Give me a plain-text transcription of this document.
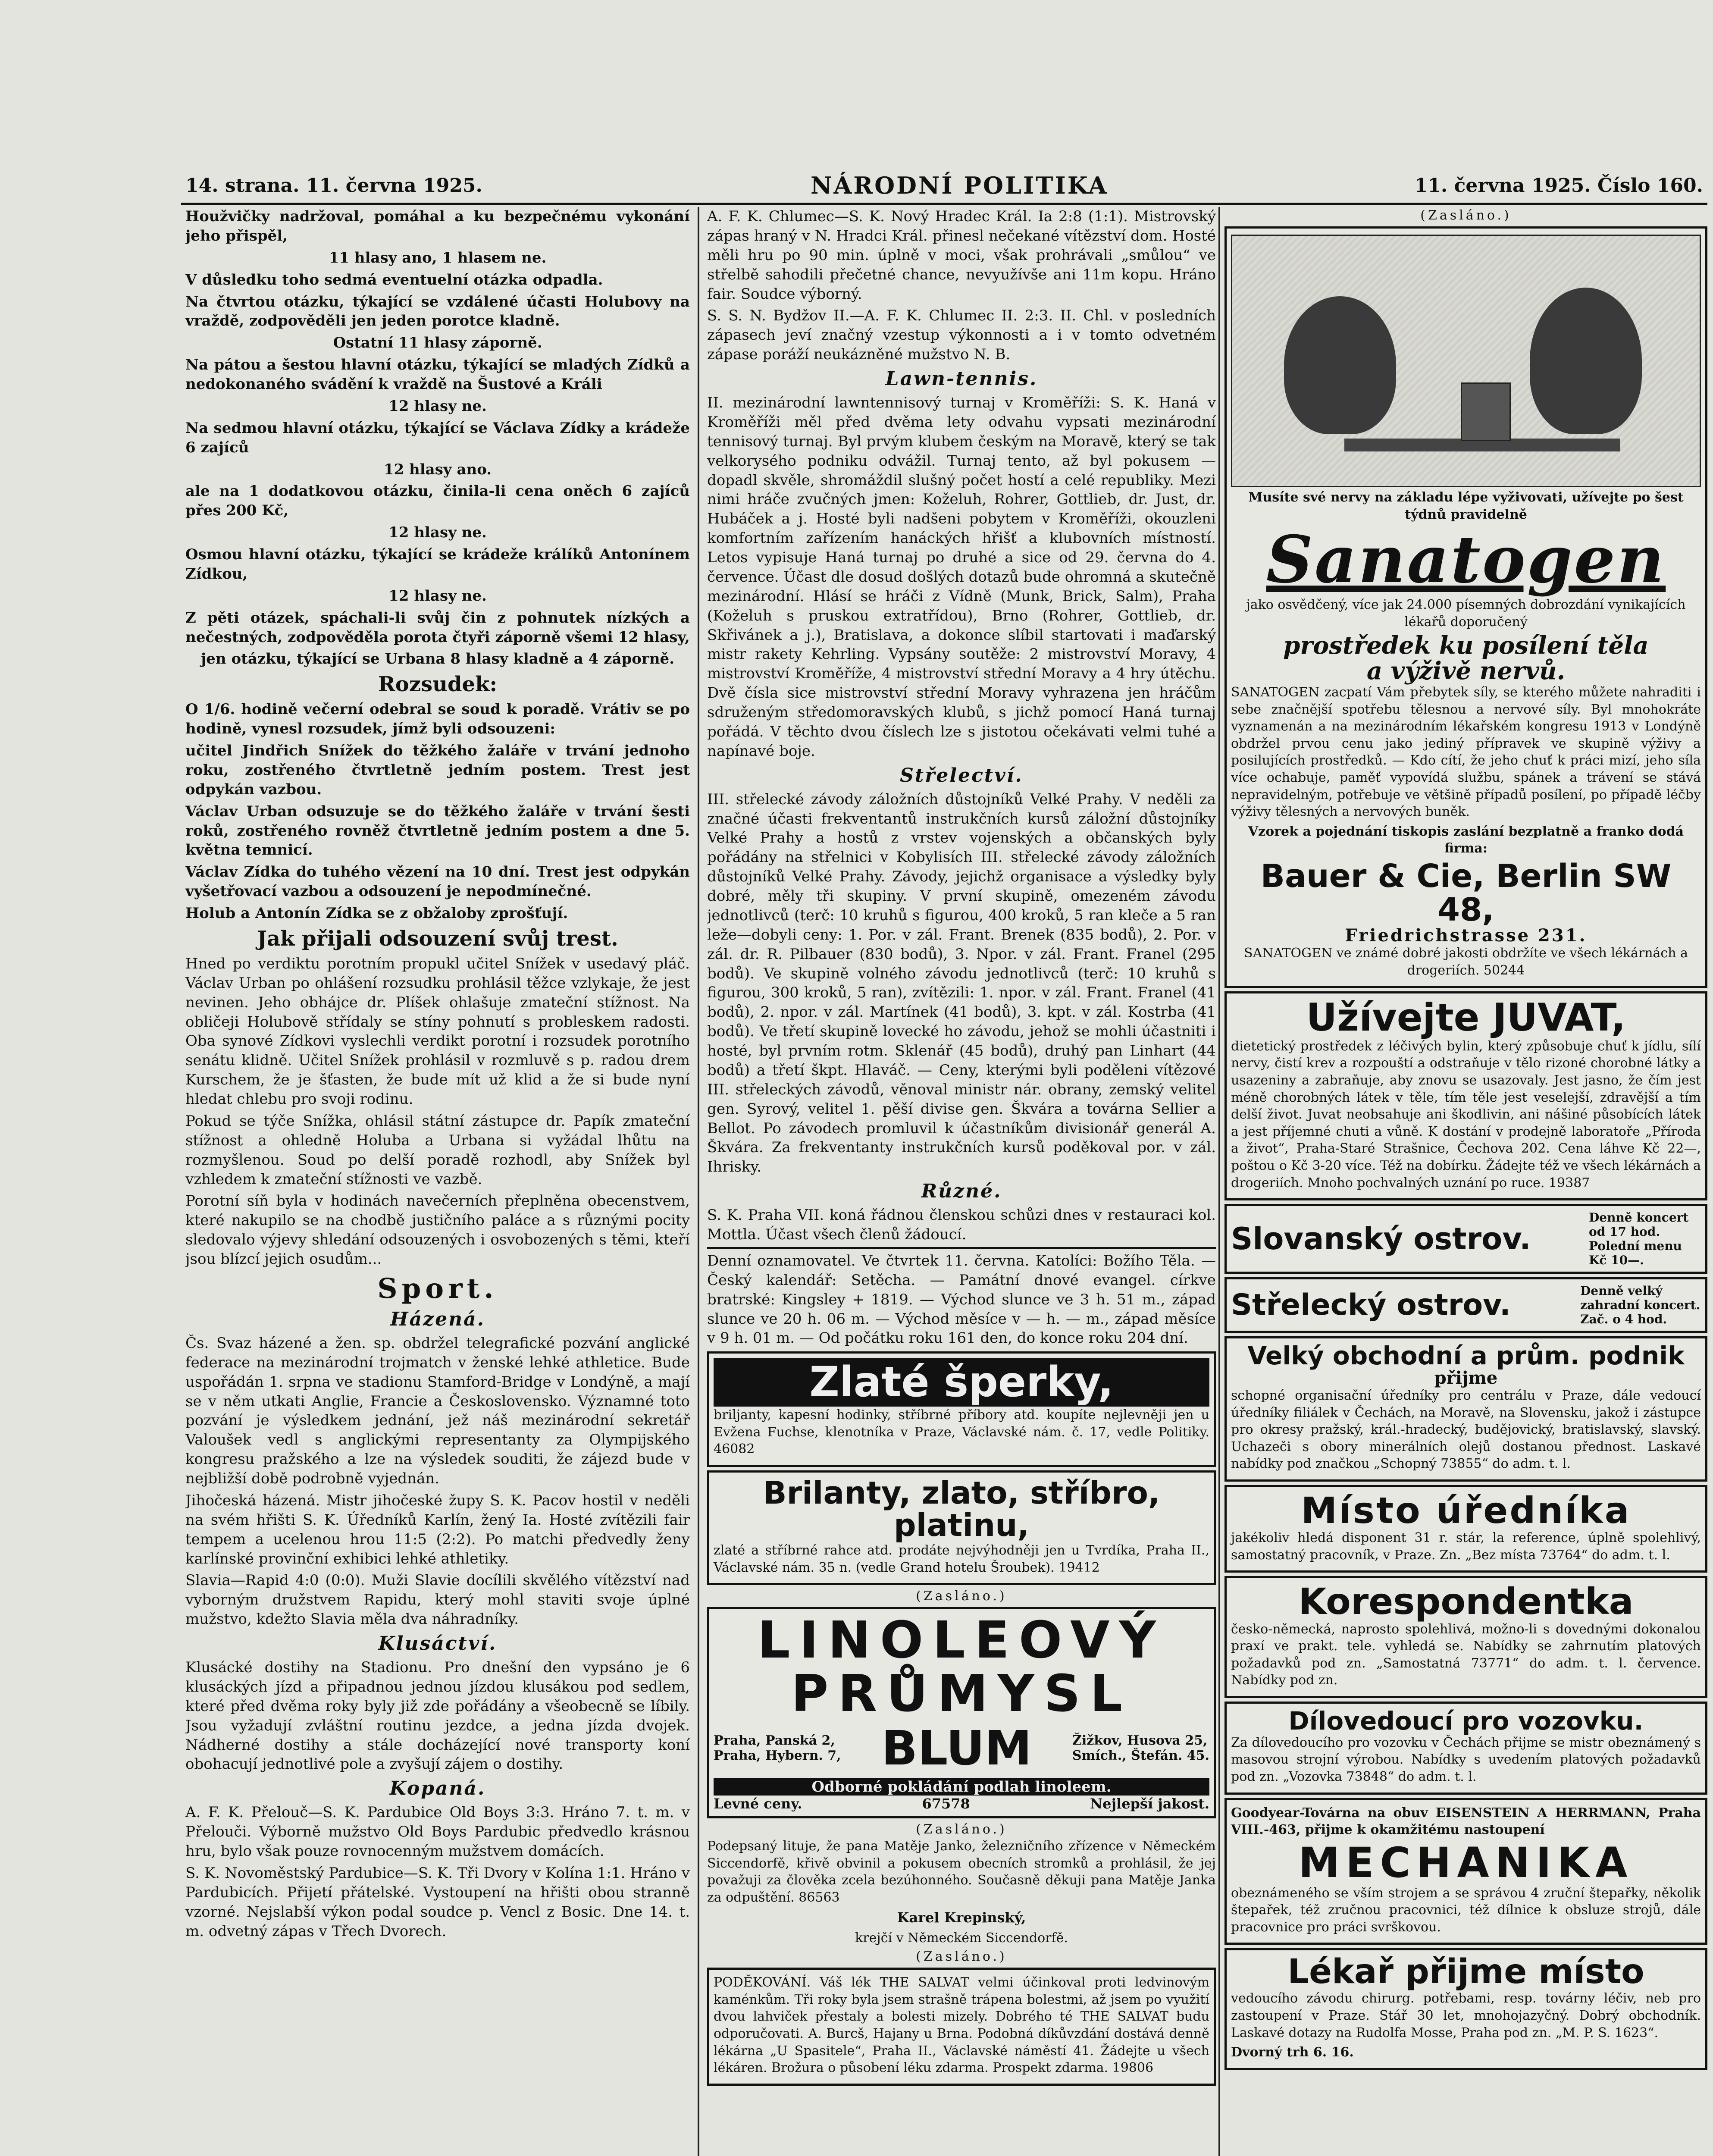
14. strana. 11. června 1925.	NÁRODNÍ POLITIKA	11. června 1925. Číslo 160.

Houžvičky nadržoval, pomáhal a ku bezpečnému vykonání jeho přispěl,

11 hlasy ano, 1 hlasem ne.

V důsledku toho sedmá eventuelní otázka odpadla.

Na čtvrtou otázku, týkající se vzdálené účasti Holubovy na vraždě, zodpověděli jen jeden porotce kladně.

Ostatní 11 hlasy záporně.

Na pátou a šestou hlavní otázku, týkající se mladých Zídků a nedokonaného svádění k vraždě na Šustové a Králi

12 hlasy ne.

Na sedmou hlavní otázku, týkající se Václava Zídky a krádeže 6 zajíců

12 hlasy ano.

ale na 1 dodatkovou otázku, činila-li cena oněch 6 zajíců přes 200 Kč,

12 hlasy ne.

Osmou hlavní otázku, týkající se krádeže králíků Antonínem Zídkou,

12 hlasy ne.

Z pěti otázek, spáchali-li svůj čin z pohnutek nízkých a nečestných, zodpověděla porota čtyři záporně všemi 12 hlasy,

jen otázku, týkající se Urbana 8 hlasy kladně a 4 záporně.

Rozsudek:

O 1/6. hodině večerní odebral se soud k poradě. Vrátiv se po hodině, vynesl rozsudek, jímž byli odsouzeni:

učitel Jindřich Snížek do těžkého žaláře v trvání jednoho roku, zostřeného čtvrtletně jedním postem. Trest jest odpykán vazbou.

Václav Urban odsuzuje se do těžkého žaláře v trvání šesti roků, zostřeného rovněž čtvrtletně jedním postem a dne 5. května temnicí.

Václav Zídka do tuhého vězení na 10 dní. Trest jest odpykán vyšetřovací vazbou a odsouzení je nepodmínečné.

Holub a Antonín Zídka se z obžaloby zprošťují.

Jak přijali odsouzení svůj trest.

Hned po verdiktu porotním propukl učitel Snížek v usedavý pláč. Václav Urban po ohlášení rozsudku prohlásil těžce vzlykaje, že jest nevinen. Jeho obhájce dr. Plíšek ohlašuje zmateční stížnost. Na obličeji Holubově střídaly se stíny pohnutí s probleskem radosti. Oba synové Zídkovi vyslechli verdikt porotní i rozsudek porotního senátu klidně. Učitel Snížek prohlásil v rozmluvě s p. radou drem Kurschem, že je šťasten, že bude mít už klid a že si bude nyní hledat chlebu pro svoji rodinu.

Pokud se týče Snížka, ohlásil státní zástupce dr. Papík zmateční stížnost a ohledně Holuba a Urbana si vyžádal lhůtu na rozmyšlenou. Soud po delší poradě rozhodl, aby Snížek byl vzhledem k zmateční stížnosti ve vazbě.

Porotní síň byla v hodinách navečerních přeplněna obecenstvem, které nakupilo se na chodbě justičního paláce a s různými pocity sledovalo výjevy shledání odsouzených i osvobozených s těmi, kteří jsou blízcí jejich osudům...

Sport.
Házená.

Čs. Svaz házené a žen. sp. obdržel telegrafické pozvání anglické federace na mezinárodní trojmatch v ženské lehké athletice. Bude uspořádán 1. srpna ve stadionu Stamford-Bridge v Londýně, a mají se v něm utkati Anglie, Francie a Československo. Významné toto pozvání je výsledkem jednání, jež náš mezinárodní sekretář Valoušek vedl s anglickými representanty za Olympijského kongresu pražského a lze na výsledek souditi, že zájezd bude v nejbližší době podrobně vyjednán.

Jihočeská házená. Mistr jihočeské župy S. K. Pacov hostil v neděli na svém hřišti S. K. Úředníků Karlín, žený Ia. Hosté zvítězili fair tempem a ucelenou hrou 11:5 (2:2). Po matchi předvedly ženy karlínské provinční exhibici lehké athletiky.

Slavia—Rapid 4:0 (0:0). Muži Slavie docílili skvělého vítězství nad vyborným družstvem Rapidu, který mohl staviti svoje úplné mužstvo, kdežto Slavia měla dva náhradníky.

Klusáctví.

Klusácké dostihy na Stadionu. Pro dnešní den vypsáno je 6 klusáckých jízd a připadnou jednou jízdou klusákou pod sedlem, které před dvěma roky byly již zde pořádány a všeobecně se líbily. Jsou vyžadují zvláštní routinu jezdce, a jedna jízda dvojek. Nádherné dostihy a stále docházející nové transporty koní obohacují jednotlivé pole a zvyšují zájem o dostihy.

Kopaná.

A. F. K. Přelouč—S. K. Pardubice Old Boys 3:3. Hráno 7. t. m. v Přelouči. Výborně mužstvo Old Boys Pardubic předvedlo krásnou hru, bylo však pouze rovnocenným mužstvem domácích.

S. K. Novoměstský Pardubice—S. K. Tři Dvory v Kolína 1:1. Hráno v Pardubicích. Přijetí přátelské. Vystoupení na hřišti obou stranně vzorné. Nejslabší výkon podal soudce p. Vencl z Bosic. Dne 14. t. m. odvetný zápas v Třech Dvorech.

A. F. K. Chlumec—S. K. Nový Hradec Král. Ia 2:8 (1:1). Mistrovský zápas hraný v N. Hradci Král. přinesl nečekané vítězství dom. Hosté měli hru po 90 min. úplně v moci, však prohrávali „smůlou“ ve střelbě sahodili přečetné chance, nevyužívše ani 11m kopu. Hráno fair. Soudce výborný.

S. S. N. Bydžov II.—A. F. K. Chlumec II. 2:3. II. Chl. v posledních zápasech jeví značný vzestup výkonnosti a i v tomto odvetném zápase poráží neukázněné mužstvo N. B.

Lawn-tennis.

II. mezinárodní lawntennisový turnaj v Kroměříži: S. K. Haná v Kroměříži měl před dvěma lety odvahu vypsati mezinárodní tennisový turnaj. Byl prvým klubem českým na Moravě, který se tak velkorysého podniku odvážil. Turnaj tento, až byl pokusem — dopadl skvěle, shromáždil slušný počet hostí a celé republiky. Mezi nimi hráče zvučných jmen: Koželuh, Rohrer, Gottlieb, dr. Just, dr. Hubáček a j. Hosté byli nadšeni pobytem v Kroměříži, okouzleni komfortním zařízením hanáckých hřišť a klubovních místností. Letos vypisuje Haná turnaj po druhé a sice od 29. června do 4. července. Účast dle dosud došlých dotazů bude ohromná a skutečně mezinárodní. Hlásí se hráči z Vídně (Munk, Brick, Salm), Praha (Koželuh s pruskou extratřídou), Brno (Rohrer, Gottlieb, dr. Skřivánek a j.), Bratislava, a dokonce slíbil startovati i maďarský mistr rakety Kehrling. Vypsány soutěže: 2 mistrovství Moravy, 4 mistrovství Kroměříže, 4 mistrovství střední Moravy a 4 hry útěchu. Dvě čísla sice mistrovství střední Moravy vyhrazena jen hráčům sdruženým středomoravských klubů, s jichž pomocí Haná turnaj pořádá. V těchto dvou číslech lze s jistotou očekávati velmi tuhé a napínavé boje.

Střelectví.

III. střelecké závody záložních důstojníků Velké Prahy. V neděli za značné účasti frekventantů instrukčních kursů záložní důstojníky Velké Prahy a hostů z vrstev vojenských a občanských byly pořádány na střelnici v Kobylisích III. střelecké závody záložních důstojníků Velké Prahy. Závody, jejichž organisace a výsledky byly dobré, měly tři skupiny. V první skupině, omezeném závodu jednotlivců (terč: 10 kruhů s figurou, 400 kroků, 5 ran kleče a 5 ran leže—dobyli ceny: 1. Por. v zál. Frant. Brenek (835 bodů), 2. Por. v zál. dr. R. Pilbauer (830 bodů), 3. Npor. v zál. Frant. Franel (295 bodů). Ve skupině volného závodu jednotlivců (terč: 10 kruhů s figurou, 300 kroků, 5 ran), zvítězili: 1. npor. v zál. Frant. Franel (41 bodů), 2. npor. v zál. Martínek (41 bodů), 3. kpt. v zál. Kostrba (41 bodů). Ve třetí skupině lovecké ho závodu, jehož se mohli účastniti i hosté, byl prvním rotm. Sklenář (45 bodů), druhý pan Linhart (44 bodů) a třetí škpt. Hlaváč. — Ceny, kterými byli poděleni vítězové III. střeleckých závodů, věnoval ministr nár. obrany, zemský velitel gen. Syrový, velitel 1. pěší divise gen. Škvára a továrna Sellier a Bellot. Po závodech promluvil k účastníkům divisionář generál A. Škvára. Za frekventanty instrukčních kursů poděkoval por. v zál. Ihrisky.

Různé.

S. K. Praha VII. koná řádnou členskou schůzi dnes v restauraci kol. Mottla. Účast všech členů žádoucí.

Denní oznamovatel. Ve čtvrtek 11. června. Katolíci: Božího Těla. — Český kalendář: Setěcha. — Památní dnové evangel. církve bratrské: Kingsley + 1819. — Východ slunce ve 3 h. 51 m., západ slunce ve 20 h. 06 m. — Východ měsíce v — h. — m., západ měsíce v 9 h. 01 m. — Od počátku roku 161 den, do konce roku 204 dní.

Zlaté šperky,

briljanty, kapesní hodinky, stříbrné příbory atd. koupíte nejlevněji jen u Evžena Fuchse, klenotníka v Praze, Václavské nám. č. 17, vedle Politiky. 46082

Brilanty, zlato, stříbro, platinu,

zlaté a stříbrné rahce atd. prodáte nejvýhodněji jen u Tvrdíka, Praha II., Václavské nám. 35 n. (vedle Grand hotelu Šroubek). 19412

(Zasláno.)
LINOLEOVÝ
PRŮMYSL
Praha, Panská 2,
Praha, Hybern. 7, BLUM	Žižkov, Husova 25,
Smích., Štefán. 45.
Odborné pokládání podlah linoleem.
Levné ceny.	67578	Nejlepší jakost.
(Zasláno.)

Podepsaný lituje, že pana Matěje Janko, železničního zřízence v Německém Siccendorfě, křivě obvinil a pokusem obecních stromků a prohlásil, že jej považuji za člověka zcela bezúhonného. Současně děkuji pana Matěje Janka za odpuštění. 86563

Karel Krepinský,

krejčí v Německém Siccendorfě.

(Zasláno.)

PODĚKOVÁNÍ. Váš lék THE SALVAT velmi účinkoval proti ledvinovým kaménkům. Tři roky byla jsem strašně trápena bolestmi, až jsem po využití dvou lahviček přestaly a bolesti mizely. Dobrého té THE SALVAT budu odporučovati. A. Burcš, Hajany u Brna. Podobná díkůvzdání dostává denně lékárna „U Spasitele“, Praha II., Václavské náměstí 41. Žádejte u všech lékáren. Brožura o působení léku zdarma. Prospekt zdarma. 19806

(Zasláno.)

Musíte své nervy na základu lépe vyživovati, užívejte po šest týdnů pravidelně

Sanatogen

jako osvědčený, více jak 24.000 písemných dobrozdání vynikajících lékařů doporučený

prostředek ku posílení těla
a výživě nervů.

SANATOGEN zacpatí Vám přebytek síly, se kterého můžete nahraditi i sebe značnější spotřebu tělesnou a nervové síly. Byl mnohokráte vyznamenán a na mezinárodním lékařském kongresu 1913 v Londýně obdržel prvou cenu jako jediný přípravek ve skupině výživy a posilujících prostředků. — Kdo cítí, že jeho chuť k práci mizí, jeho síla více ochabuje, paměť vypovídá službu, spánek a trávení se stává nepravidelným, potřebuje ve většině případů posílení, po případě léčby výživy tělesných a nervových buněk.

Vzorek a pojednání tiskopis zaslání bezplatně a franko dodá firma:

Bauer & Cie, Berlin SW 48,
Friedrichstrasse 231.

SANATOGEN ve známé dobré jakosti obdržíte ve všech lékárnách a drogeriích. 50244

Užívejte JUVAT,

dietetický prostředek z léčivých bylin, který způsobuje chuť k jídlu, sílí nervy, čistí krev a rozpouští a odstraňuje v tělo rizoné chorobné látky a usazeniny a zabraňuje, aby znovu se usazovaly. Jest jasno, že čím jest méně chorobných látek v těle, tím těle jest veselejší, zdravější a tím delší život. Juvat neobsahuje ani škodlivin, ani nášiné působících látek a jest příjemné chuti a vůně. K dostání v prodejně laboratoře „Příroda a život“, Praha-Staré Strašnice, Čechova 202. Cena láhve Kč 22—, poštou o Kč 3-20 více. Též na dobírku. Žádejte též ve všech lékárnách a drogeriích. Mnoho pochvalných uznání po ruce. 19387

Slovanský ostrov.
Denně koncert od 17 hod.
Polední menu Kč 10—.
Střelecký ostrov.	Denně velký zahradní koncert. Zač. o 4 hod.
Velký obchodní a prům. podnik
přijme

schopné organisační úředníky pro centrálu v Praze, dále vedoucí úředníky filiálek v Čechách, na Moravě, na Slovensku, jakož i zástupce pro okresy pražský, král.-hradecký, budějovický, bratislavský, slavský. Uchazeči s obory minerálních olejů dostanou přednost. Laskavé nabídky pod značkou „Schopný 73855“ do adm. t. l.

Místo úředníka

jakékoliv hledá disponent 31 r. stár, la reference, úplně spolehlivý, samostatný pracovník, v Praze. Zn. „Bez místa 73764“ do adm. t. l.

Korespondentka

česko-německá, naprosto spolehlivá, možno-li s dovednými dokonalou praxí ve prakt. tele. vyhledá se. Nabídky se zahrnutím platových požadavků pod zn. „Samostatná 73771“ do adm. t. l. července. Nabídky pod zn.

Dílovedoucí pro vozovku.

Za dílovedoucího pro vozovku v Čechách přijme se mistr obeznámený s masovou strojní výrobou. Nabídky s uvedením platových požadavků pod zn. „Vozovka 73848“ do adm. t. l.

Goodyear-Továrna na obuv EISENSTEIN A HERRMANN, Praha VIII.-463, přijme k okamžitému nastoupení

MECHANIKA

obeznámeného se vším strojem a se správou 4 zruční štepařky, několik štepařek, též zručnou pracovnici, též dílnice k obsluze strojů, dále pracovnice pro práci svrškovou.

Lékař přijme místo

vedoucího závodu chirurg. potřebami, resp. továrny léčiv, neb pro zastoupení v Praze. Stář 30 let, mnohojazyčný. Dobrý obchodník. Laskavé dotazy na Rudolfa Mosse, Praha pod zn. „M. P. S. 1623“.

Dvorný trh 6. 16.
